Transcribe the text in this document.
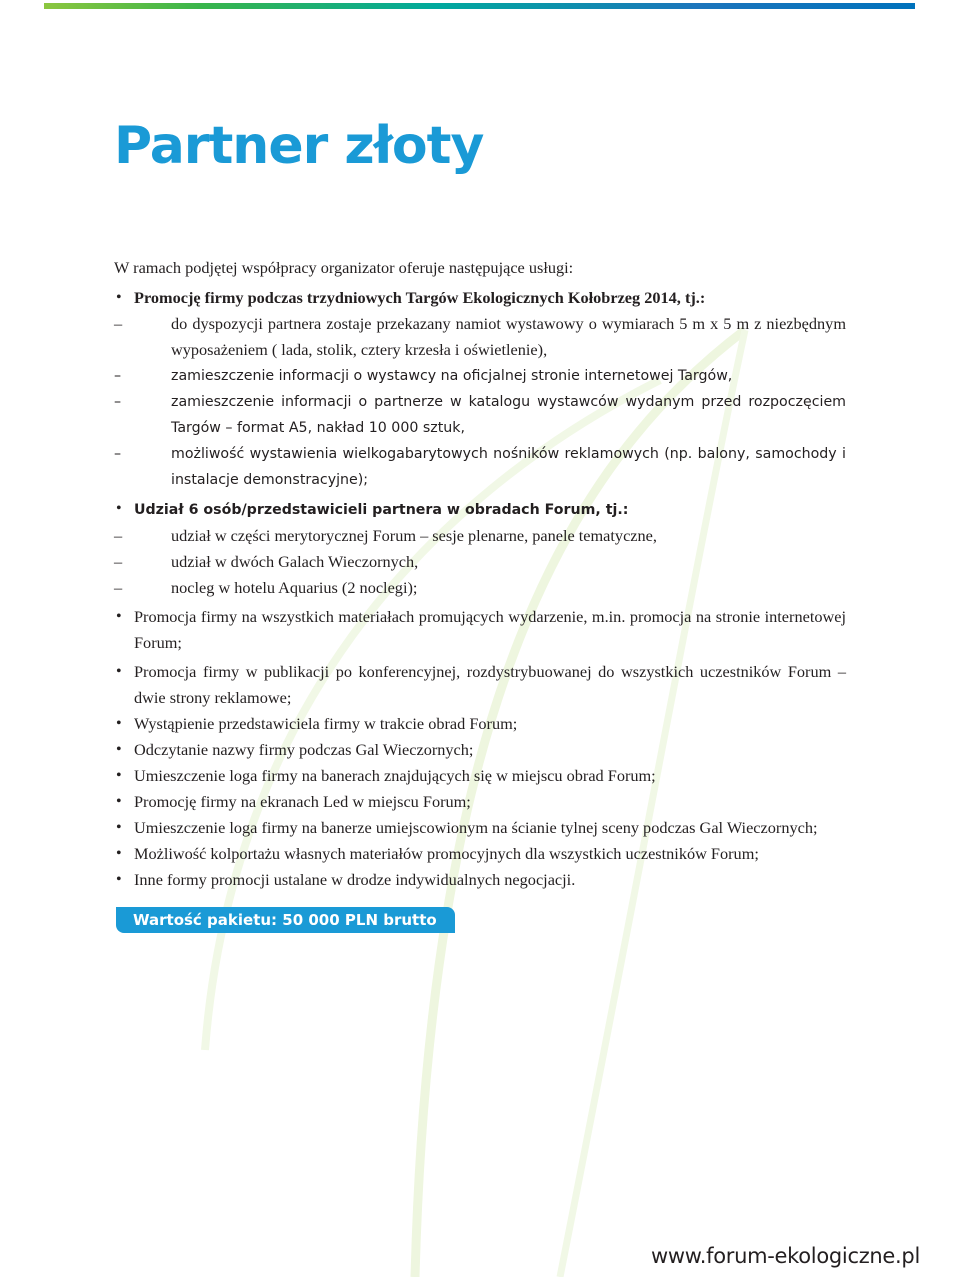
Partner złoty

W ramach podjętej współpracy organizator oferuje następujące usługi:

• Promocję firmy podczas trzydniowych Targów Ekologicznych Kołobrzeg 2014, tj.:
– do dyspozycji partnera zostaje przekazany namiot wystawowy o wymiarach 5 m x 5 m z niezbędnym wyposażeniem ( lada, stolik, cztery krzesła i oświetlenie),
– zamieszczenie informacji o wystawcy na oficjalnej stronie internetowej Targów,
– zamieszczenie informacji o partnerze w katalogu wystawców wydanym przed rozpoczęciem Targów – format A5, nakład 10 000 sztuk,
– możliwość wystawienia wielkogabarytowych nośników reklamowych (np. balony, samochody i instalacje demonstracyjne);
• Udział 6 osób/przedstawicieli partnera w obradach Forum, tj.:
– udział w części merytorycznej Forum – sesje plenarne, panele tematyczne,
– udział w dwóch Galach Wieczornych,
– nocleg w hotelu Aquarius (2 noclegi);
• Promocja firmy na wszystkich materiałach promujących wydarzenie, m.in. promocja na stronie internetowej Forum;
• Promocja firmy w publikacji po konferencyjnej, rozdystrybuowanej do wszystkich uczestników Forum – dwie strony reklamowe;
• Wystąpienie przedstawiciela firmy w trakcie obrad Forum;
• Odczytanie nazwy firmy podczas Gal Wieczornych;
• Umieszczenie loga firmy na banerach znajdujących się w miejscu obrad Forum;
• Promocję firmy na ekranach Led w miejscu Forum;
• Umieszczenie loga firmy na banerze umiejscowionym na ścianie tylnej sceny podczas Gal Wieczornych;
• Możliwość kolportażu własnych materiałów promocyjnych dla wszystkich uczestników Forum;
• Inne formy promocji ustalane w drodze indywidualnych negocjacji.
Wartość pakietu: 50 000 PLN brutto
www.forum-ekologiczne.pl
